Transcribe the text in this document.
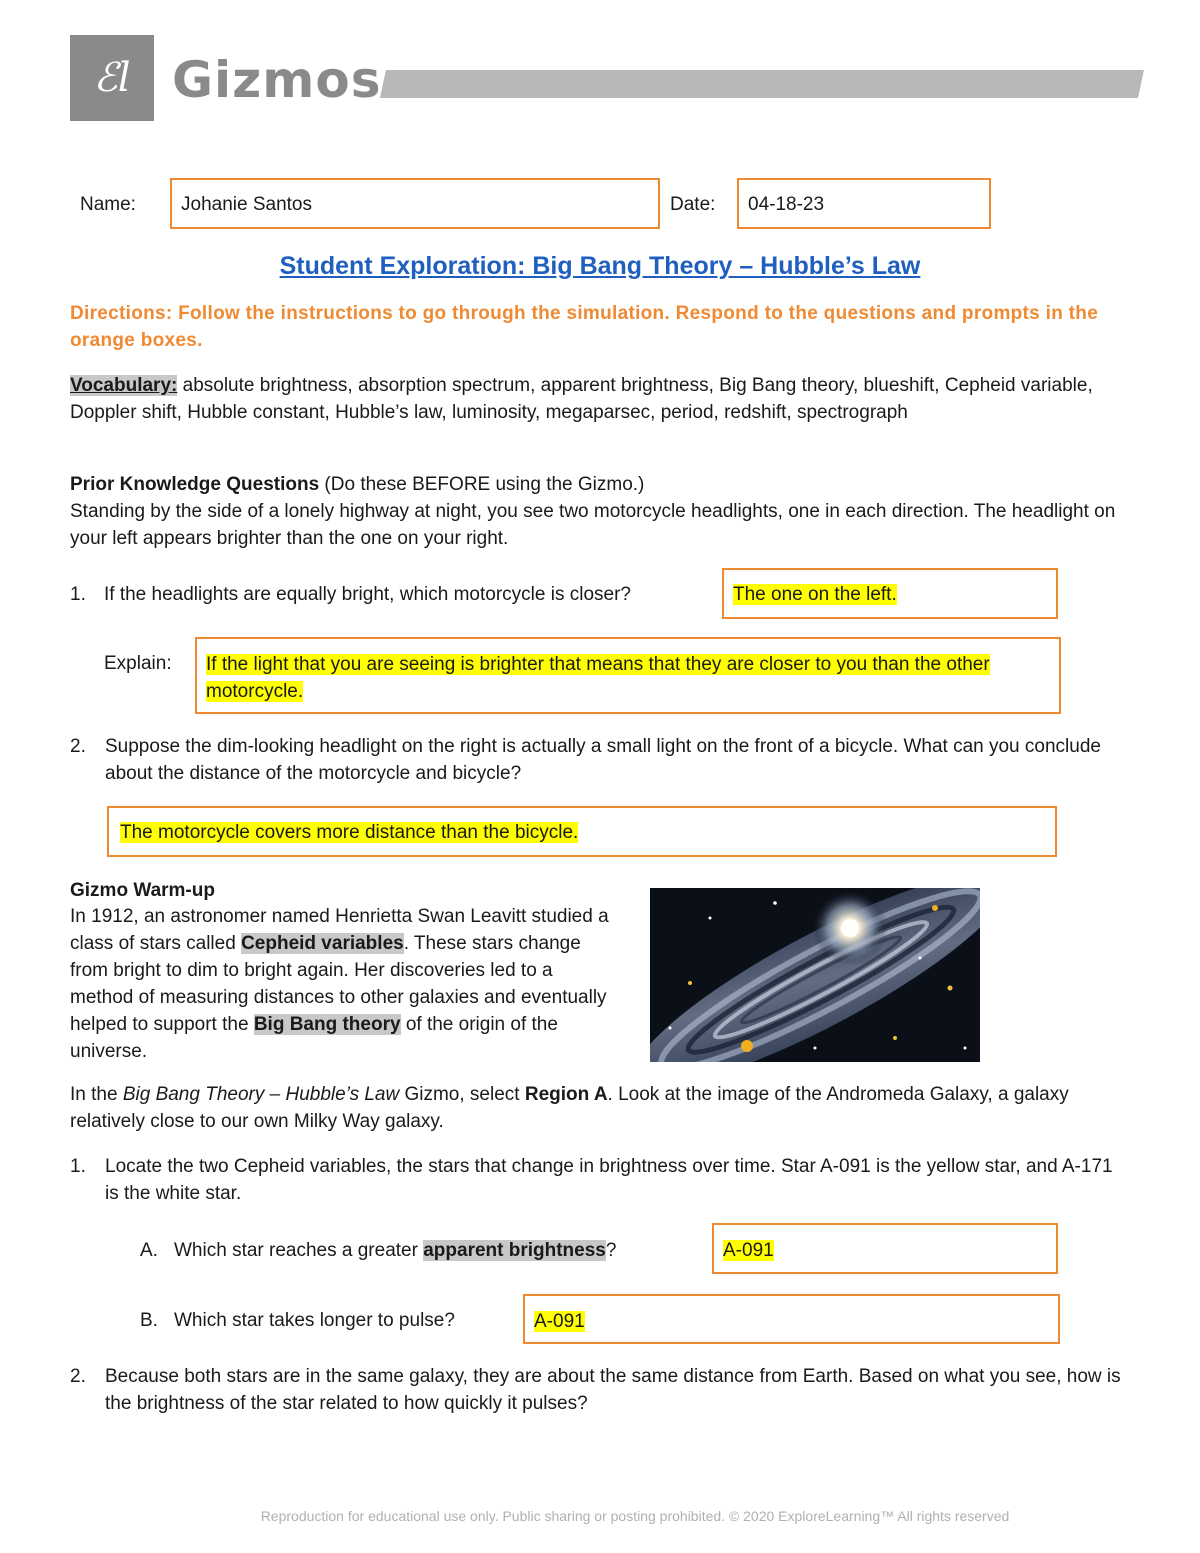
ℰl Gizmos
Name: Johanie Santos	Date: 04-18-23
Student Exploration: Big Bang Theory – Hubble’s Law
Directions: Follow the instructions to go through the simulation. Respond to the questions and prompts in the orange boxes.
Vocabulary: absolute brightness, absorption spectrum, apparent brightness, Big Bang theory, blueshift, Cepheid variable, Doppler shift, Hubble constant, Hubble’s law, luminosity, megaparsec, period, redshift, spectrograph
Prior Knowledge Questions (Do these BEFORE using the Gizmo.)
Standing by the side of a lonely highway at night, you see two motorcycle headlights, one in each direction. The headlight on your left appears brighter than the one on your right.
1. If the headlights are equally bright, which motorcycle is closer?	The one on the left.
Explain: If the light that you are seeing is brighter that means that they are closer to you than the other motorcycle.
2.	Suppose the dim-looking headlight on the right is actually a small light on the front of a bicycle. What can you conclude about the distance of the motorcycle and bicycle?
The motorcycle covers more distance than the bicycle.
Gizmo Warm-up
In 1912, an astronomer named Henrietta Swan Leavitt studied a class of stars called Cepheid variables. These stars change from bright to dim to bright again. Her discoveries led to a method of measuring distances to other galaxies and eventually helped to support the Big Bang theory of the origin of the universe.
In the Big Bang Theory – Hubble’s Law Gizmo, select Region A. Look at the image of the Andromeda Galaxy, a galaxy relatively close to our own Milky Way galaxy.
1.	Locate the two Cepheid variables, the stars that change in brightness over time. Star A-091 is the yellow star, and A-171 is the white star.
A. Which star reaches a greater apparent brightness?	A-091
B. Which star takes longer to pulse?	A-091
2.	Because both stars are in the same galaxy, they are about the same distance from Earth. Based on what you see, how is the brightness of the star related to how quickly it pulses?
Reproduction for educational use only. Public sharing or posting prohibited. © 2020 ExploreLearning™ All rights reserved
